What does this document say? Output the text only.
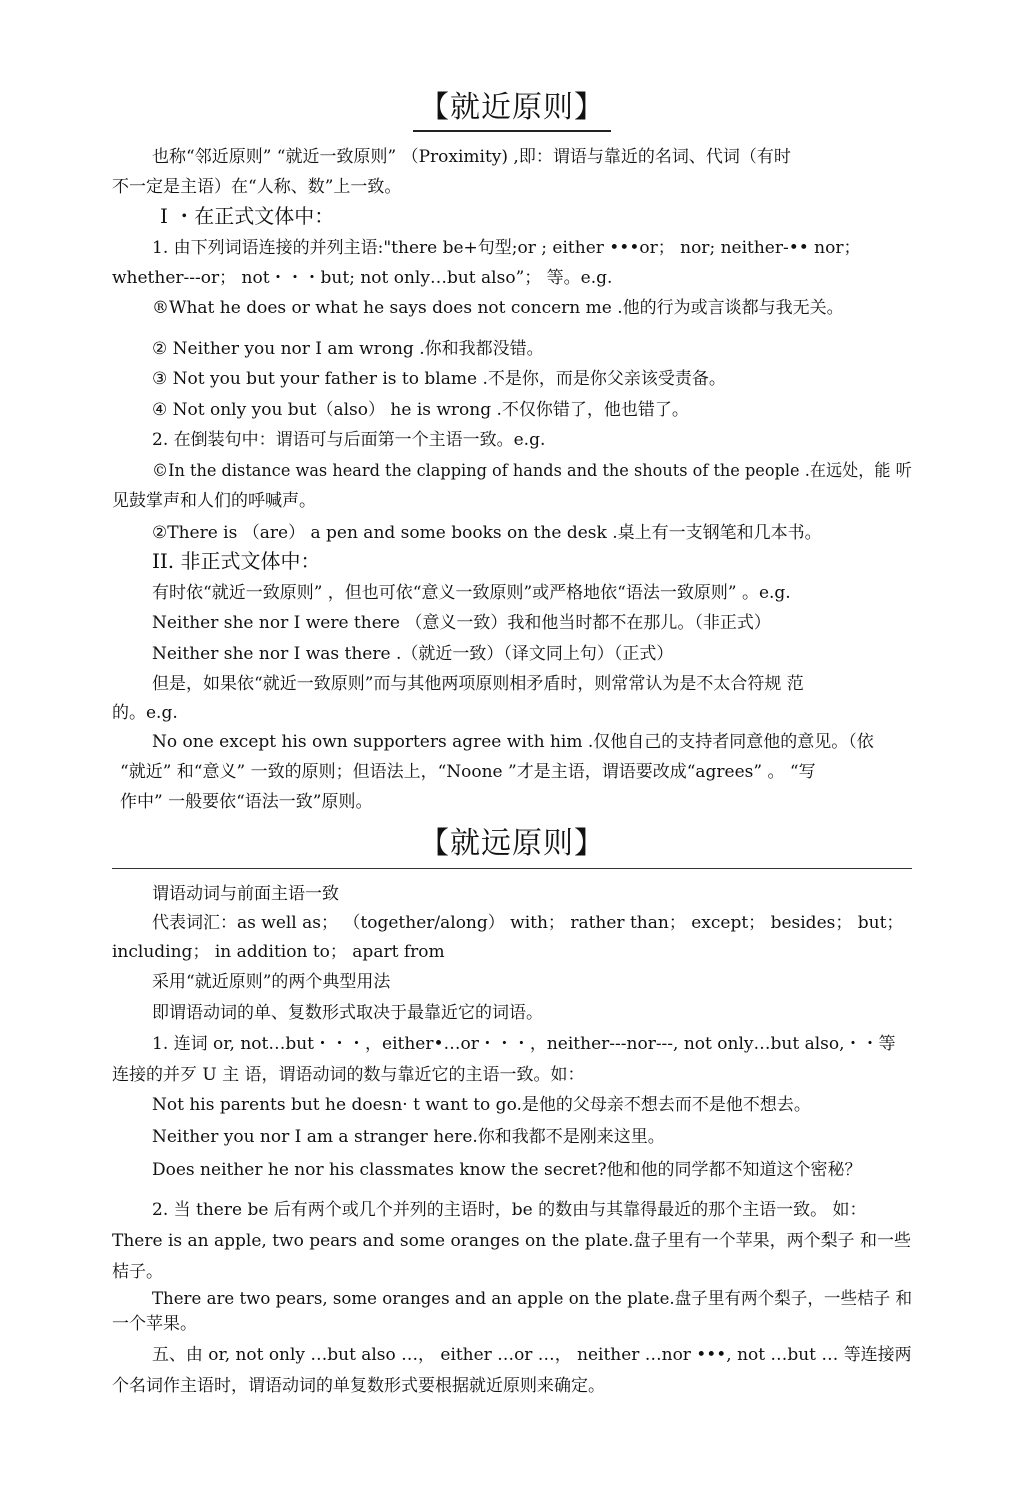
【就近原则】
也称“邻近原则” “就近一致原则” （Proximity) ,即：谓语与靠近的名词、代词（有时
不一定是主语）在“人称、数”上一致。
I ・在正式文体中：
1. 由下列词语连接的并列主语:"there be+句型;or ; either •••or； nor; neither-•• nor；
whether---or； not・・・but; not only…but also”； 等。e.g.
®What he does or what he says does not concern me .他的行为或言谈都与我无关。
② Neither you nor I am wrong .你和我都没错。
③ Not you but your father is to blame .不是你，而是你父亲该受责备。
④ Not only you but（also） he is wrong .不仅你错了，他也错了。
2. 在倒装句中：谓语可与后面第一个主语一致。e.g.
©In the distance was heard the clapping of hands and the shouts of the people .在远处，能 听
见鼓掌声和人们的呼喊声。
②There is （are） a pen and some books on the desk .桌上有一支钢笔和几本书。
II. 非正式文体中：
有时依“就近一致原则” ，但也可依“意义一致原则”或严格地依“语法一致原则” 。e.g.
Neither she nor I were there （意义一致）我和他当时都不在那儿。（非正式）
Neither she nor I was there .（就近一致）（译文同上句）（正式）
但是，如果依“就近一致原则”而与其他两项原则相矛盾时，则常常认为是不太合符规 范
的。e.g.
No one except his own supporters agree with him .仅他自己的支持者同意他的意见。（依
“就近” 和“意义” 一致的原则；但语法上，“Noone ”才是主语，谓语要改成“agrees” 。 “写
作中” 一般要依“语法一致”原则。
【就远原则】
谓语动词与前面主语一致
代表词汇：as well as； （together/along） with； rather than； except； besides； but；
including； in addition to； apart from
采用“就近原则”的两个典型用法
即谓语动词的单、复数形式取决于最靠近它的词语。
1. 连词 or, not…but・・・，either•…or・・・，neither---nor---, not only…but also,・・等
连接的并歹 U 主 语，谓语动词的数与靠近它的主语一致。如：
Not his parents but he doesn· t want to go.是他的父母亲不想去而不是他不想去。
Neither you nor I am a stranger here.你和我都不是刚来这里。
Does neither he nor his classmates know the secret?他和他的同学都不知道这个密秘？
2. 当 there be 后有两个或几个并列的主语时，be 的数由与其靠得最近的那个主语一致。 如：
There is an apple, two pears and some oranges on the plate.盘子里有一个苹果，两个梨子 和一些
桔子。
There are two pears, some oranges and an apple on the plate.盘子里有两个梨子，一些桔子 和
一个苹果。
五、由 or, not only …but also …， either …or …， neither …nor •••, not …but … 等连接两
个名词作主语时，谓语动词的单复数形式要根据就近原则来确定。
